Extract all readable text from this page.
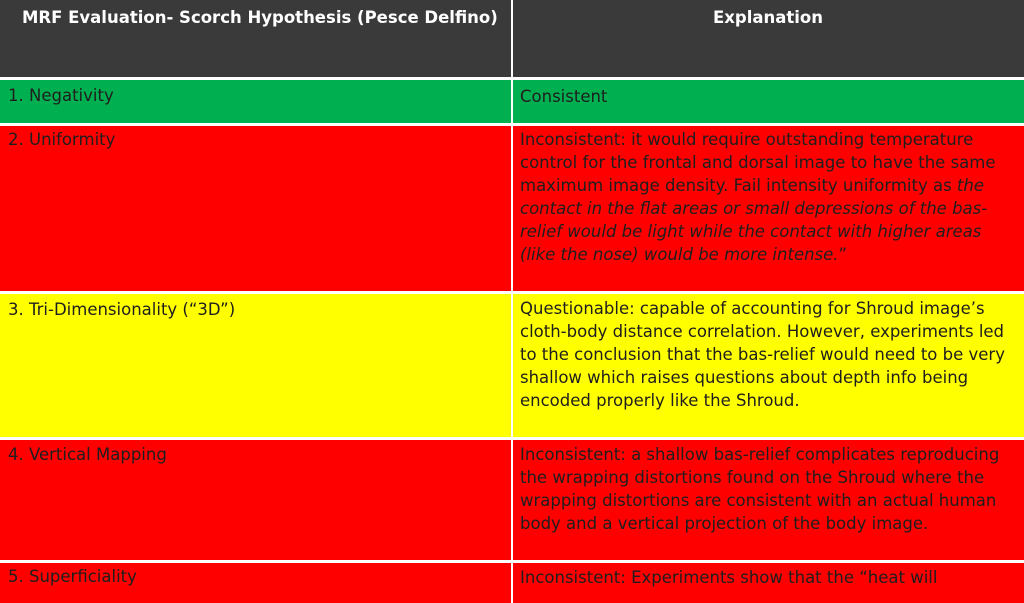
MRF Evaluation- Scorch Hypothesis (Pesce Delfino)	Explanation
1. Negativity	Consistent
2. Uniformity	Inconsistent: it would require outstanding temperature control for the frontal and dorsal image to have the same maximum image density. Fail intensity uniformity as the contact in the flat areas or small depressions of the bas-relief would be light while the contact with higher areas (like the nose) would be more intense.”
3. Tri-Dimensionality (“3D”)	Questionable: capable of accounting for Shroud image’s cloth-body distance correlation. However, experiments led to the conclusion that the bas-relief would need to be very shallow which raises questions about depth info being encoded properly like the Shroud.
4. Vertical Mapping	Inconsistent: a shallow bas-relief complicates reproducing the wrapping distortions found on the Shroud where the wrapping distortions are consistent with an actual human body and a vertical projection of the body image.
5. Superficiality	Inconsistent: Experiments show that the “heat will
